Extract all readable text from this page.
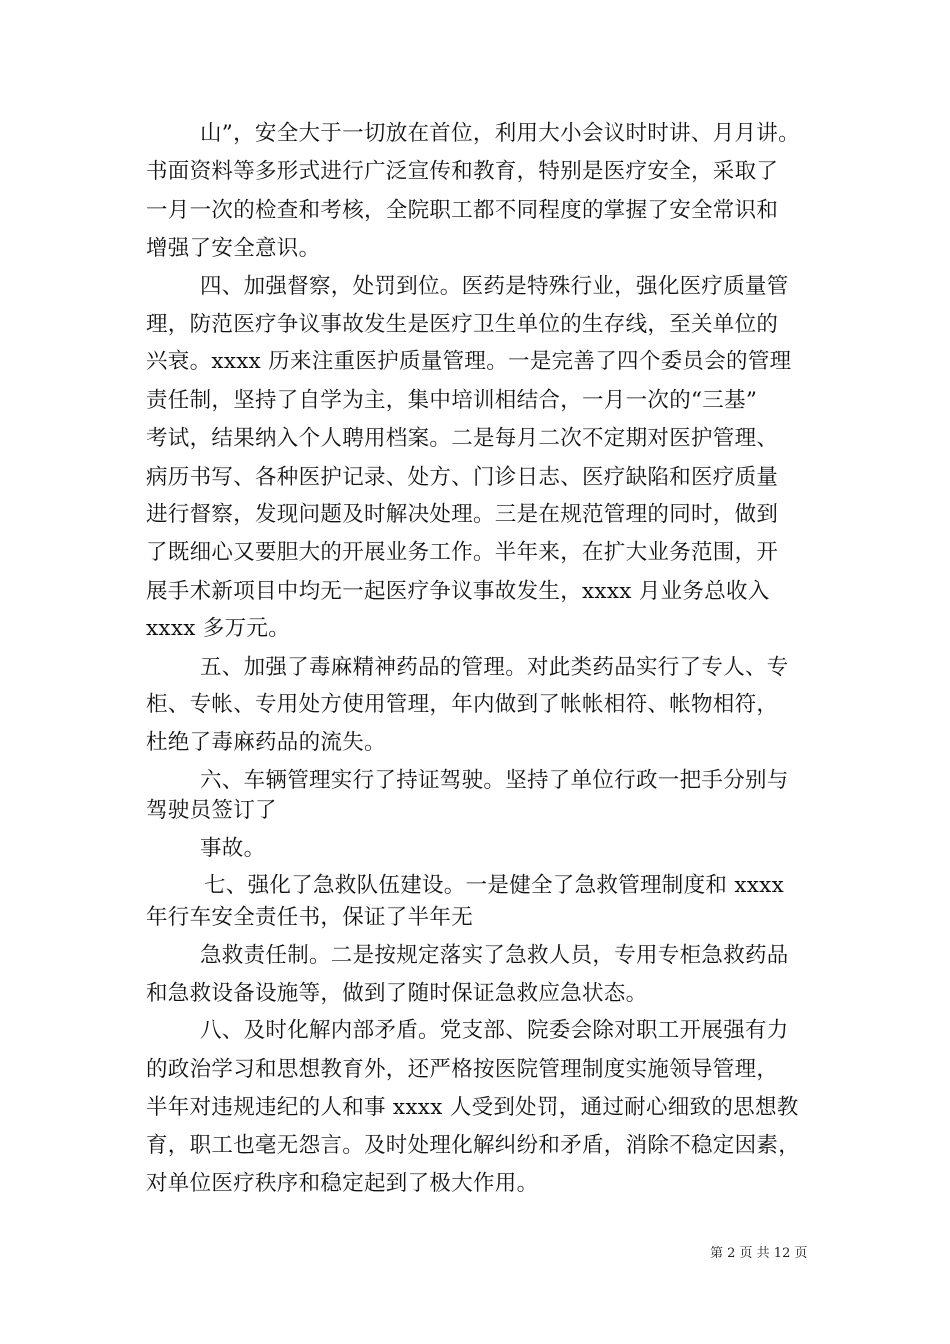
山”，安全大于一切放在首位，利用大小会议时时讲、月月讲。
书面资料等多形式进行广泛宣传和教育，特别是医疗安全，采取了
一月一次的检查和考核，全院职工都不同程度的掌握了安全常识和
增强了安全意识。
四、加强督察，处罚到位。医药是特殊行业，强化医疗质量管
理，防范医疗争议事故发生是医疗卫生单位的生存线，至关单位的
兴衰。xxxx 历来注重医护质量管理。一是完善了四个委员会的管理
责任制，坚持了自学为主，集中培训相结合，一月一次的“三基”
考试，结果纳入个人聘用档案。二是每月二次不定期对医护管理、
病历书写、各种医护记录、处方、门诊日志、医疗缺陷和医疗质量
进行督察，发现问题及时解决处理。三是在规范管理的同时，做到
了既细心又要胆大的开展业务工作。半年来，在扩大业务范围，开
展手术新项目中均无一起医疗争议事故发生，xxxx 月业务总收入
xxxx 多万元。
五、加强了毒麻精神药品的管理。对此类药品实行了专人、专
柜、专帐、专用处方使用管理，年内做到了帐帐相符、帐物相符，
杜绝了毒麻药品的流失。
六、车辆管理实行了持证驾驶。坚持了单位行政一把手分别与
驾驶员签订了
事故。
七、强化了急救队伍建设。一是健全了急救管理制度和 xxxx
年行车安全责任书，保证了半年无
急救责任制。二是按规定落实了急救人员，专用专柜急救药品
和急救设备设施等，做到了随时保证急救应急状态。
八、及时化解内部矛盾。党支部、院委会除对职工开展强有力
的政治学习和思想教育外，还严格按医院管理制度实施领导管理，
半年对违规违纪的人和事 xxxx 人受到处罚，通过耐心细致的思想教
育，职工也毫无怨言。及时处理化解纠纷和矛盾，消除不稳定因素，
对单位医疗秩序和稳定起到了极大作用。
第 2 页 共 12 页
